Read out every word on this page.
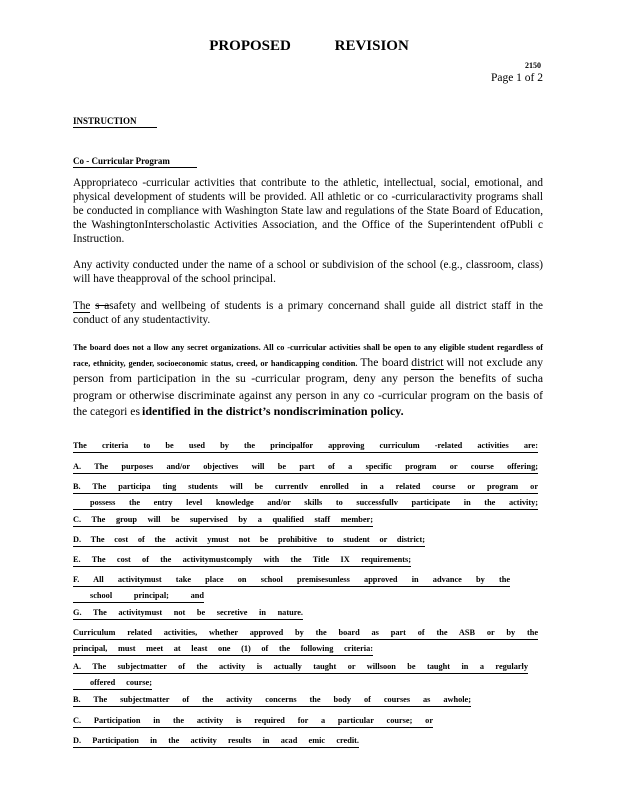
PROPOSED REVISION
2150
Page 1 of 2
INSTRUCTION
Co - Curricular Program
Appropriateco -curricular activities that contribute to the athletic, intellectual, social, emotional, and physical development of students will be provided. All athletic or co -curricularactivity programs shall be conducted in compliance with Washington State law and regulations of the State Board of Education, the WashingtonInterscholastic Activities Association, and the Office of the Superintendent ofPubli c Instruction.
Any activity conducted under the name of a school or subdivision of the school (e.g., classroom, class) will have theapproval of the school principal.
The s asafety and wellbeing of students is a primary concernand shall guide all district staff in the conduct of any studentactivity.
The board does not a llow any secret organizations. All co -curricular activities shall be open to any eligible student regardless of race, ethnicity, gender, socioeconomic status, creed, or handicapping condition. The board district will not exclude any person from participation in the su -curricular program, deny any person the benefits of sucha program or otherwise discriminate against any person in any co -curricular program on the basis of the categori es identified in the district’s nondiscrimination policy.
The criteria to be used by the principalfor approving curriculum -related activities are:
A. The purposes and/or objectives will be part of a specific program or course offering;
B. The participa ting students will be currentlv enrolled in a related course or program or
possess the entry level knowledge and/or skills to successfullv participate in the activity;
C. The group will be supervised by a qualified staff member;
D. The cost of the activit ymust not be prohibitive to student or district;
E. The cost of the activitymustcomply with the Title IX requirements;
F. All activitymust take place on school premisesunless approved in advance by the
school principal; and
G. The activitymust not be secretive in nature.
Curriculum related activities, whether approved by the board as part of the ASB or by the
principal, must meet at least one (1) of the following criteria:
A. The subjectmatter of the activity is actually taught or willsoon be taught in a regularly
offered course;
B. The subjectmatter of the activity concerns the body of courses as awhole;
C. Participation in the activity is required for a particular course; or
D. Participation in the activity results in acad emic credit.
